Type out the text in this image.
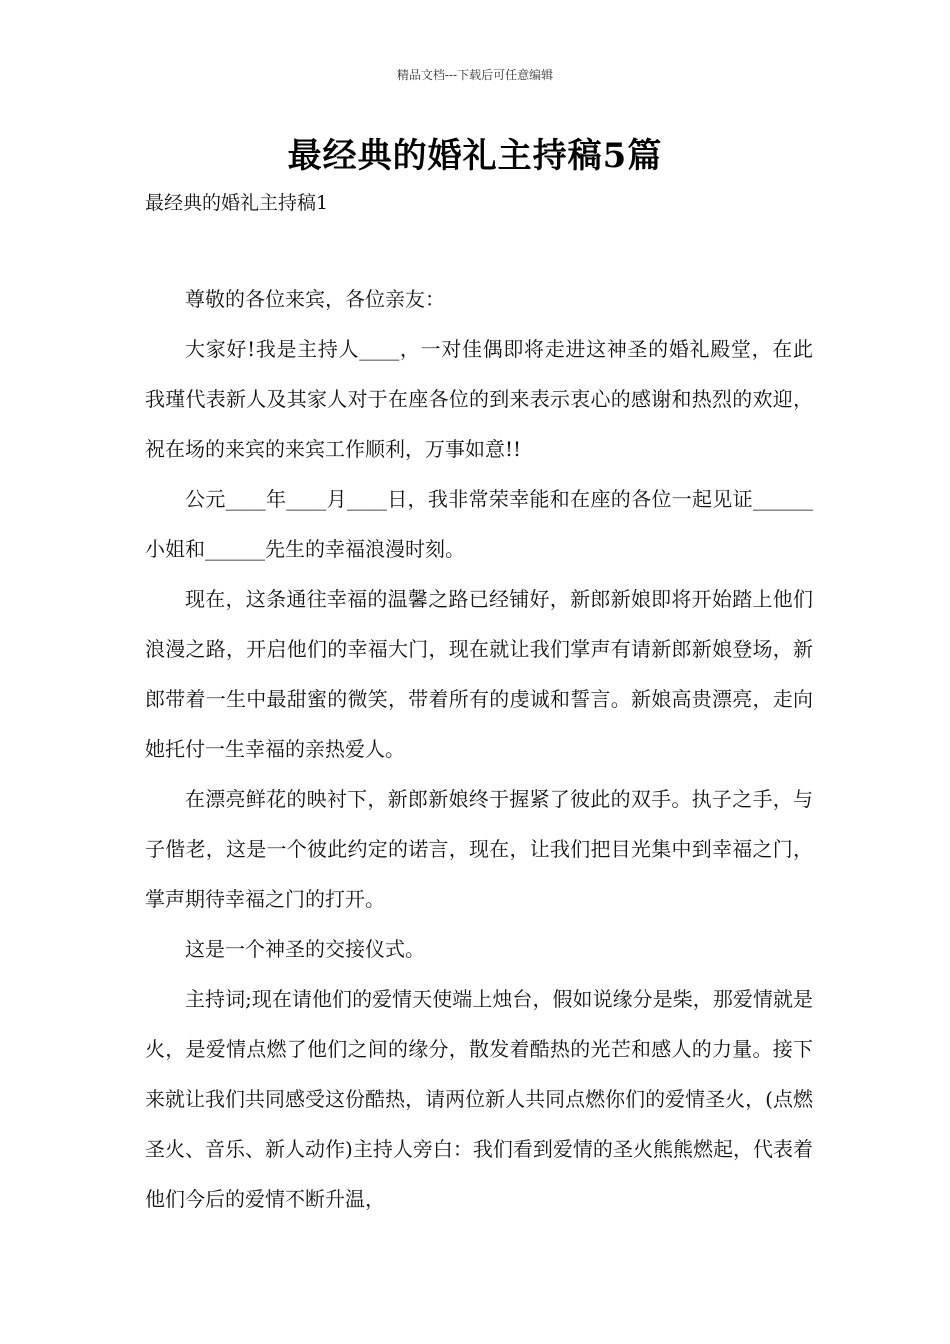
精品文档---下载后可任意编辑
最经典的婚礼主持稿5篇
最经典的婚礼主持稿1

尊敬的各位来宾，各位亲友：

大家好!我是主持人____，一对佳偶即将走进这神圣的婚礼殿堂，在此我瑾代表新人及其家人对于在座各位的到来表示衷心的感谢和热烈的欢迎，祝在场的来宾的来宾工作顺利，万事如意!!

公元____年____月____日，我非常荣幸能和在座的各位一起见证______小姐和______先生的幸福浪漫时刻。

现在，这条通往幸福的温馨之路已经铺好，新郎新娘即将开始踏上他们浪漫之路，开启他们的幸福大门，现在就让我们掌声有请新郎新娘登场，新郎带着一生中最甜蜜的微笑，带着所有的虔诚和誓言。新娘高贵漂亮，走向她托付一生幸福的亲热爱人。

在漂亮鲜花的映衬下，新郎新娘终于握紧了彼此的双手。执子之手，与子偕老，这是一个彼此约定的诺言，现在，让我们把目光集中到幸福之门，掌声期待幸福之门的打开。

这是一个神圣的交接仪式。

主持词;现在请他们的爱情天使端上烛台，假如说缘分是柴，那爱情就是火，是爱情点燃了他们之间的缘分，散发着酷热的光芒和感人的力量。接下来就让我们共同感受这份酷热，请两位新人共同点燃你们的爱情圣火，(点燃圣火、音乐、新人动作)主持人旁白：我们看到爱情的圣火熊熊燃起，代表着他们今后的爱情不断升温，
